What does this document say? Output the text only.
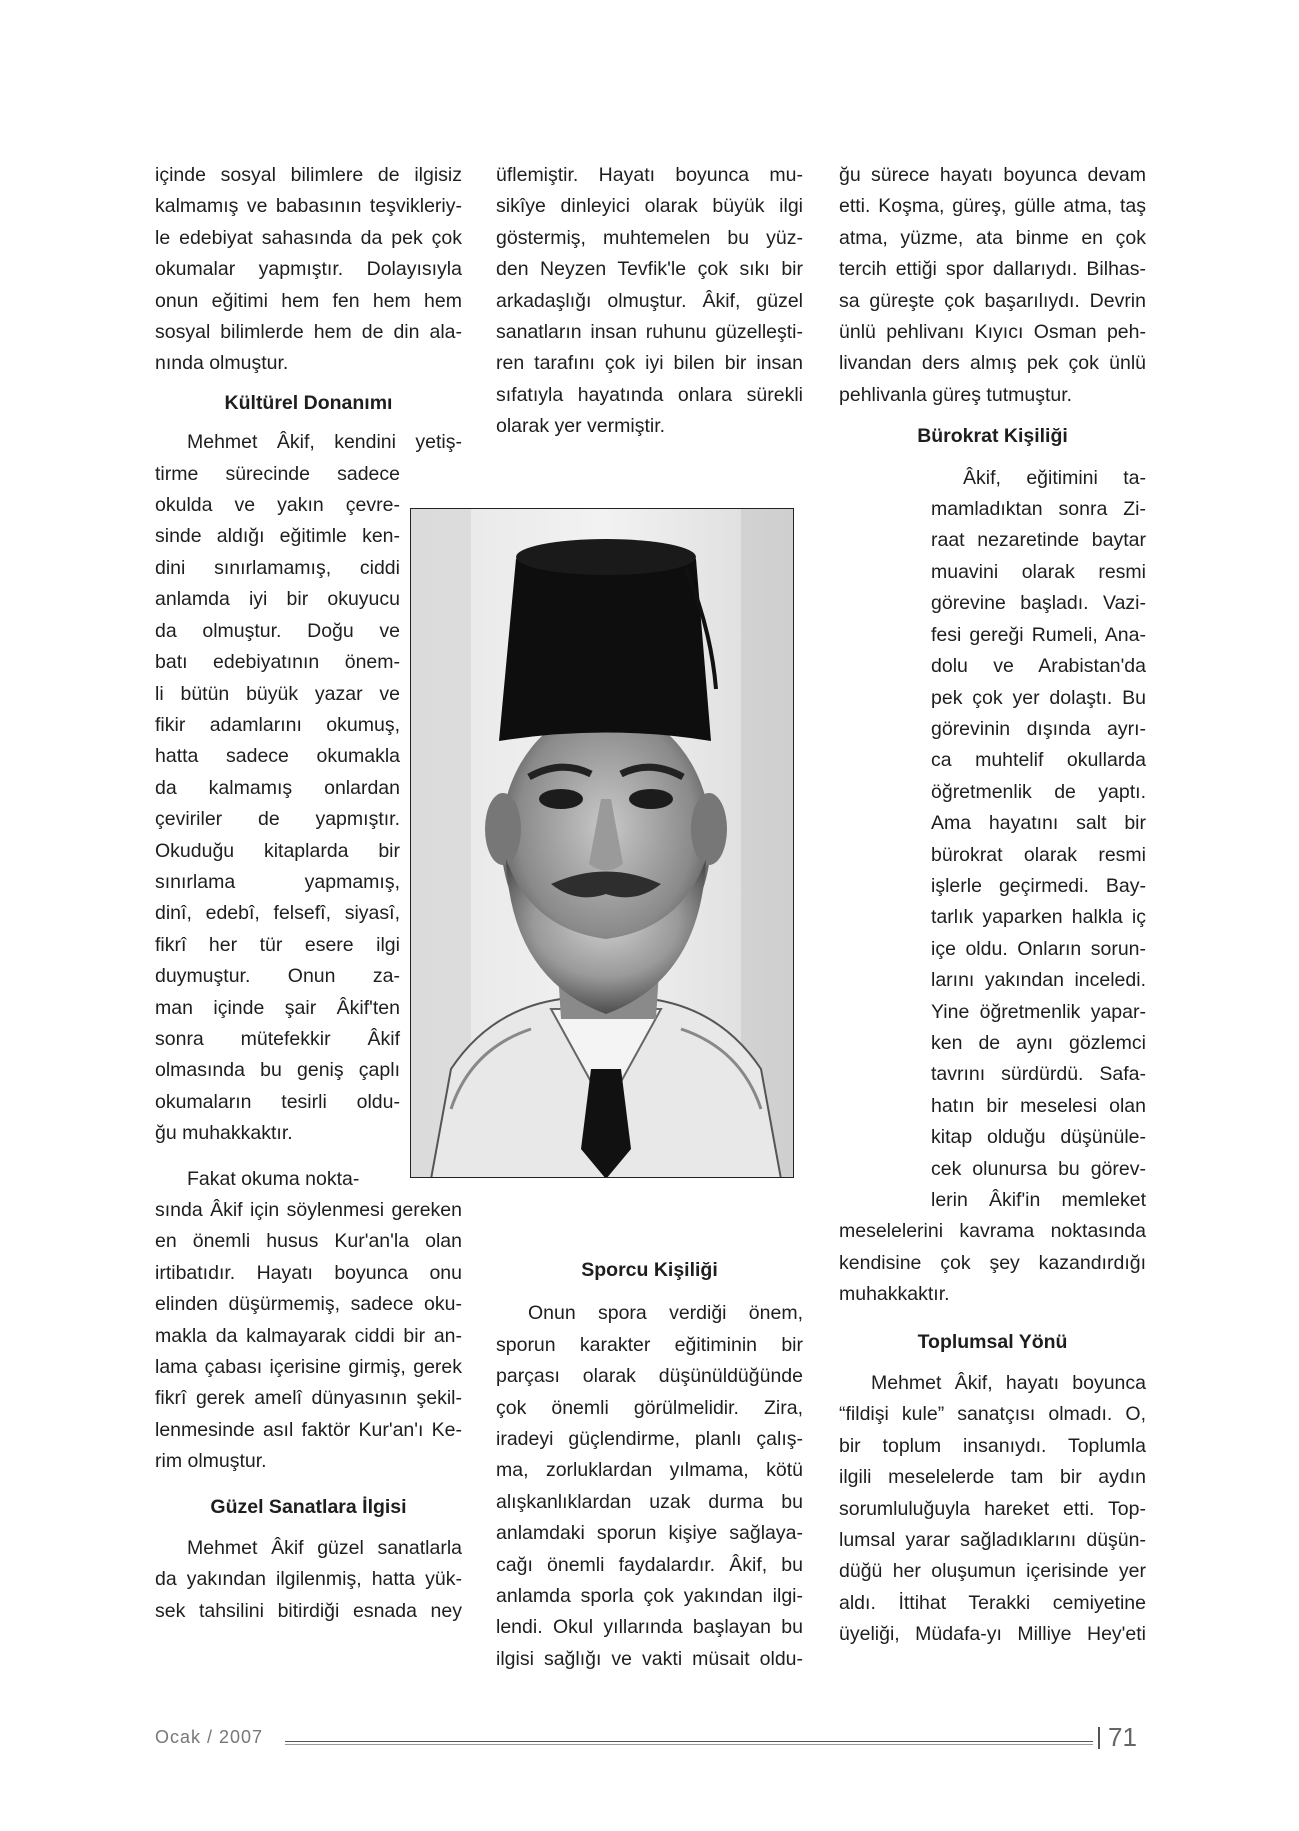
içinde sosyal bilimlere de ilgisiz
kalmamış ve babasının teşvikleriy-
le edebiyat sahasında da pek çok
okumalar yapmıştır. Dolayısıyla
onun eğitimi hem fen hem hem
sosyal bilimlerde hem de din ala-
nında olmuştur.
Kültürel Donanımı
Mehmet Âkif, kendini yetiş-
tirme sürecinde sadece
okulda ve yakın çevre-
sinde aldığı eğitimle ken-
dini sınırlamamış, ciddi
anlamda iyi bir okuyucu
da olmuştur. Doğu ve
batı edebiyatının önem-
li bütün büyük yazar ve
fikir adamlarını okumuş,
hatta sadece okumakla
da kalmamış onlardan
çeviriler de yapmıştır.
Okuduğu kitaplarda bir
sınırlama yapmamış,
dinî, edebî, felsefî, siyasî,
fikrî her tür esere ilgi
duymuştur. Onun za-
man içinde şair Âkif'ten
sonra mütefekkir Âkif
olmasında bu geniş çaplı
okumaların tesirli oldu-
ğu muhakkaktır.
Fakat okuma nokta-
sında Âkif için söylenmesi gereken
en önemli husus Kur'an'la olan
irtibatıdır. Hayatı boyunca onu
elinden düşürmemiş, sadece oku-
makla da kalmayarak ciddi bir an-
lama çabası içerisine girmiş, gerek
fikrî gerek amelî dünyasının şekil-
lenmesinde asıl faktör Kur'an'ı Ke-
rim olmuştur.
Güzel Sanatlara İlgisi
Mehmet Âkif güzel sanatlarla
da yakından ilgilenmiş, hatta yük-
sek tahsilini bitirdiği esnada ney
üflemiştir. Hayatı boyunca mu-
sikîye dinleyici olarak büyük ilgi
göstermiş, muhtemelen bu yüz-
den Neyzen Tevfik'le çok sıkı bir
arkadaşlığı olmuştur. Âkif, güzel
sanatların insan ruhunu güzelleşti-
ren tarafını çok iyi bilen bir insan
sıfatıyla hayatında onlara sürekli
olarak yer vermiştir.
Sporcu Kişiliği
Onun spora verdiği önem,
sporun karakter eğitiminin bir
parçası olarak düşünüldüğünde
çok önemli görülmelidir. Zira,
iradeyi güçlendirme, planlı çalış-
ma, zorluklardan yılmama, kötü
alışkanlıklardan uzak durma bu
anlamdaki sporun kişiye sağlaya-
cağı önemli faydalardır. Âkif, bu
anlamda sporla çok yakından ilgi-
lendi. Okul yıllarında başlayan bu
ilgisi sağlığı ve vakti müsait oldu-
ğu sürece hayatı boyunca devam
etti. Koşma, güreş, gülle atma, taş
atma, yüzme, ata binme en çok
tercih ettiği spor dallarıydı. Bilhas-
sa güreşte çok başarılıydı. Devrin
ünlü pehlivanı Kıyıcı Osman peh-
livandan ders almış pek çok ünlü
pehlivanla güreş tutmuştur.
Bürokrat Kişiliği
Âkif, eğitimini ta-
mamladıktan sonra Zi-
raat nezaretinde baytar
muavini olarak resmi
görevine başladı. Vazi-
fesi gereği Rumeli, Ana-
dolu ve Arabistan'da
pek çok yer dolaştı. Bu
görevinin dışında ayrı-
ca muhtelif okullarda
öğretmenlik de yaptı.
Ama hayatını salt bir
bürokrat olarak resmi
işlerle geçirmedi. Bay-
tarlık yaparken halkla iç
içe oldu. Onların sorun-
larını yakından inceledi.
Yine öğretmenlik yapar-
ken de aynı gözlemci
tavrını sürdürdü. Safa-
hatın bir meselesi olan
kitap olduğu düşünüle-
cek olunursa bu görev-
lerin Âkif'in memleket
meselelerini kavrama noktasında
kendisine çok şey kazandırdığı
muhakkaktır.
Toplumsal Yönü
Mehmet Âkif, hayatı boyunca
“fildişi kule” sanatçısı olmadı. O,
bir toplum insanıydı. Toplumla
ilgili meselelerde tam bir aydın
sorumluluğuyla hareket etti. Top-
lumsal yarar sağladıklarını düşün-
düğü her oluşumun içerisinde yer
aldı. İttihat Terakki cemiyetine
üyeliği, Müdafa-yı Milliye Hey'eti
Ocak / 2007	71
